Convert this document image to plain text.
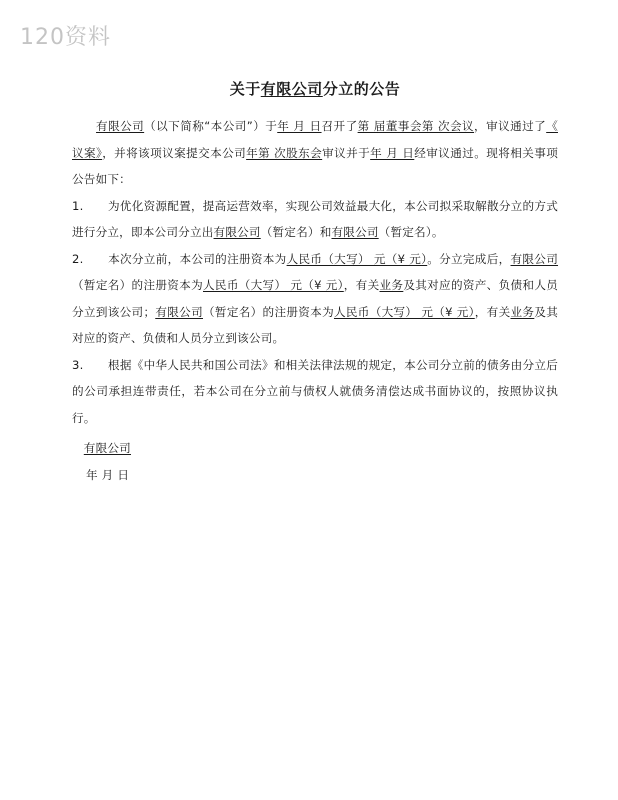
120资料
关于有限公司分立的公告

　　有限公司（以下简称“本公司”）于年 月 日召开了第 届董事会第 次会议，审议通过了《 议案》，并将该项议案提交本公司年第 次股东会审议并于年 月 日经审议通过。现将相关事项公告如下：

1. 为优化资源配置，提高运营效率，实现公司效益最大化，本公司拟采取解散分立的方式进行分立，即本公司分立出有限公司（暂定名）和有限公司（暂定名）。

2. 本次分立前，本公司的注册资本为人民币（大写） 元（¥ 元）。分立完成后，有限公司（暂定名）的注册资本为人民币（大写） 元（¥ 元），有关业务及其对应的资产、负债和人员分立到该公司；有限公司（暂定名）的注册资本为人民币（大写） 元（¥ 元），有关业务及其对应的资产、负债和人员分立到该公司。

3. 根据《中华人民共和国公司法》和相关法律法规的规定，本公司分立前的债务由分立后的公司承担连带责任，若本公司在分立前与债权人就债务清偿达成书面协议的，按照协议执行。

　有限公司

年 月 日
